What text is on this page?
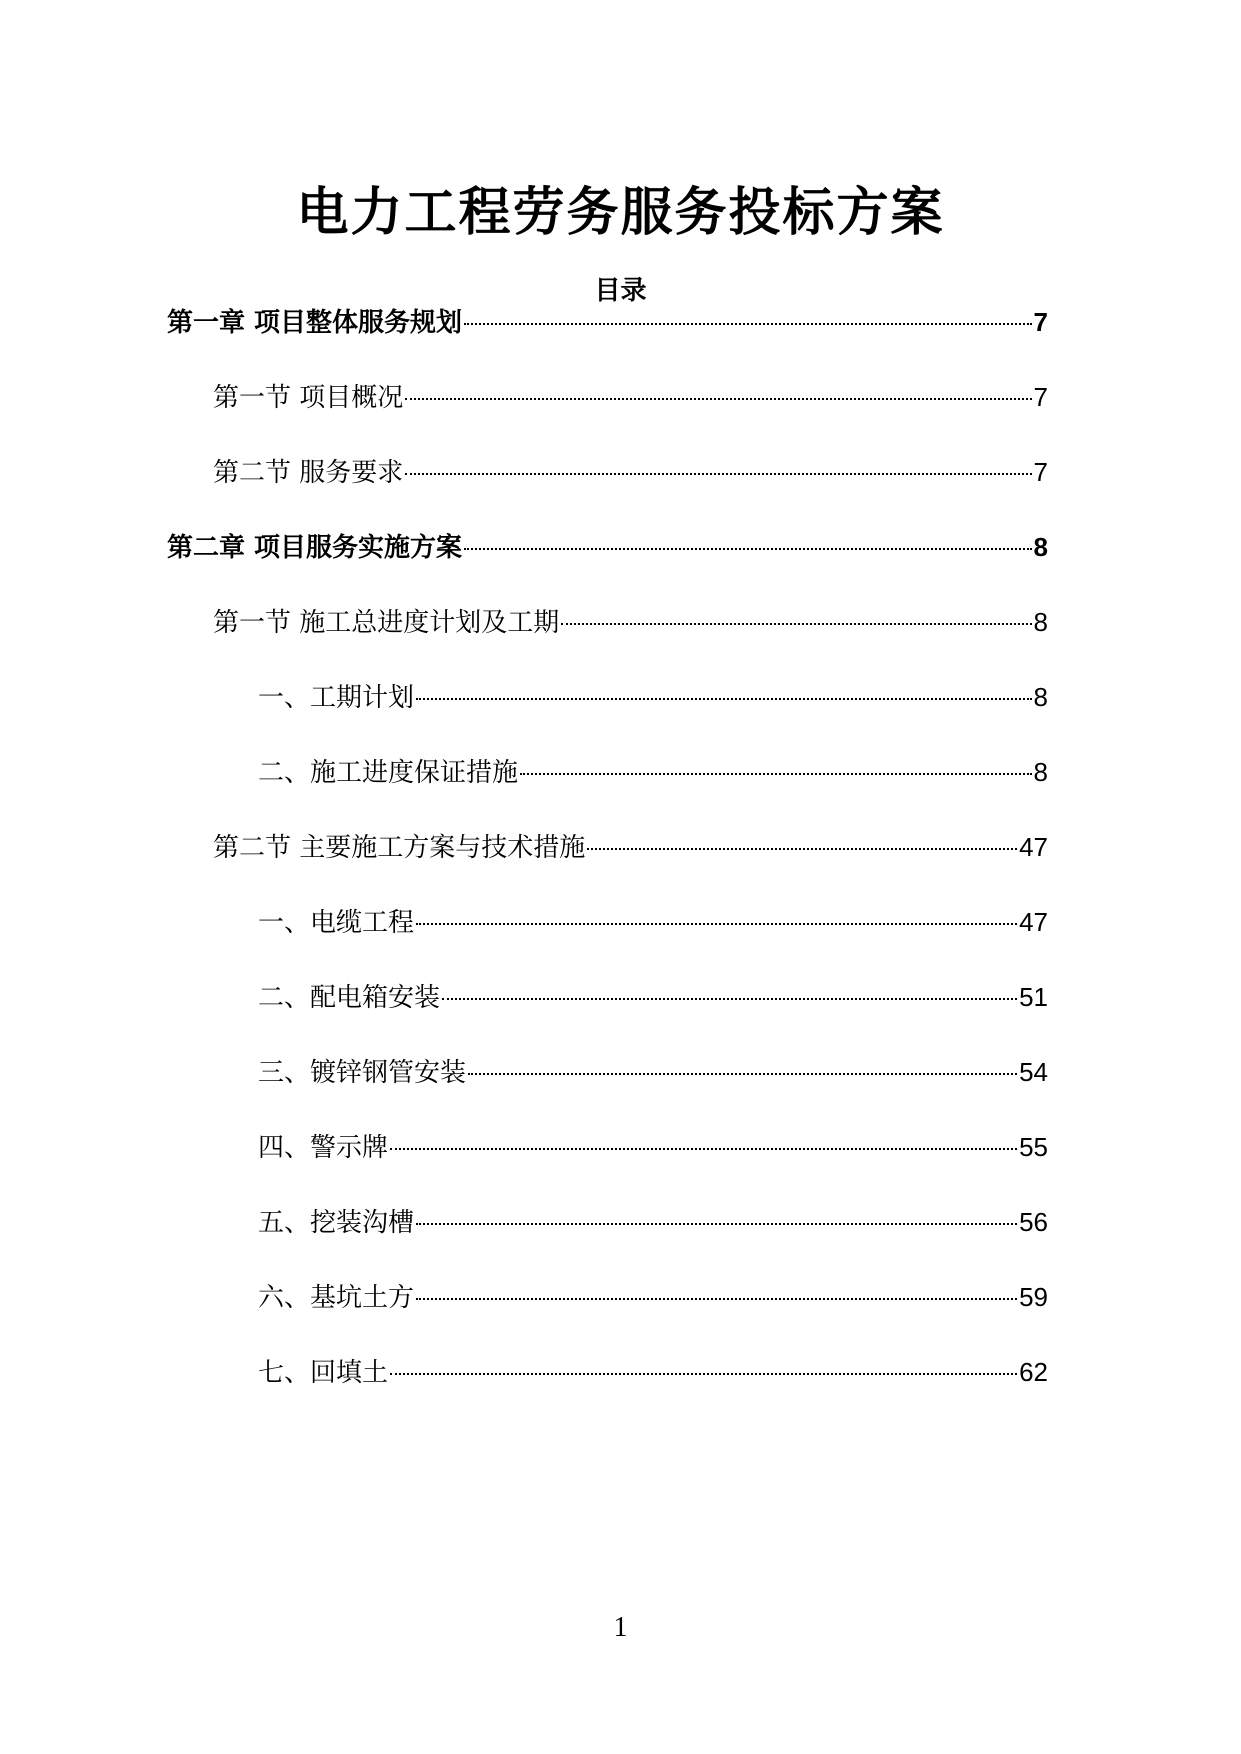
电力工程劳务服务投标方案
目录
第一章 项目整体服务规划	7
第一节 项目概况	7
第二节 服务要求	7
第二章 项目服务实施方案	8
第一节 施工总进度计划及工期	8
一、工期计划	8
二、施工进度保证措施	8
第二节 主要施工方案与技术措施	47
一、电缆工程	47
二、配电箱安装	51
三、镀锌钢管安装	54
四、警示牌	55
五、挖装沟槽	56
六、基坑土方	59
七、回填土	62
1
